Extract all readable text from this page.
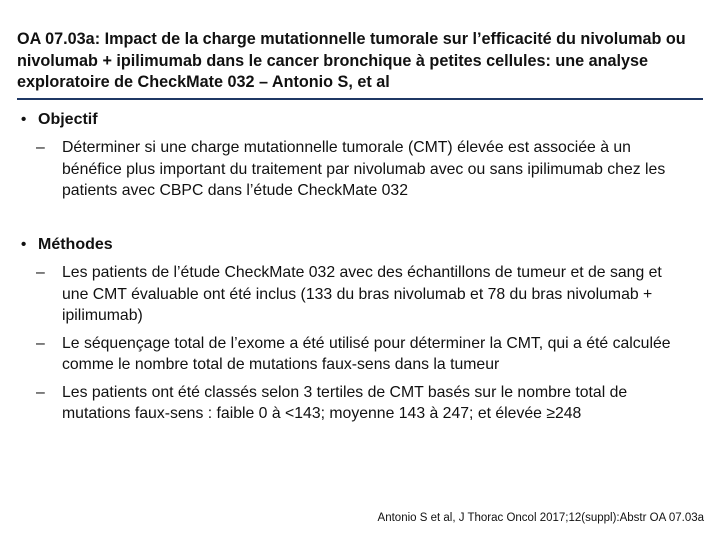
OA 07.03a: Impact de la charge mutationnelle tumorale sur l’efficacité du nivolumab ou nivolumab + ipilimumab dans le cancer bronchique à petites cellules: une analyse exploratoire de CheckMate 032 – Antonio S, et al
• Objectif
–	Déterminer si une charge mutationnelle tumorale (CMT) élevée est associée à un bénéfice plus important du traitement par nivolumab avec ou sans ipilimumab chez les patients avec CBPC dans l’étude CheckMate 032
• Méthodes
–	Les patients de l’étude CheckMate 032 avec des échantillons de tumeur et de sang et une CMT évaluable ont été inclus (133 du bras nivolumab et 78 du bras nivolumab + ipilimumab)
–	Le séquençage total de l’exome a été utilisé pour déterminer la CMT, qui a été calculée comme le nombre total de mutations faux-sens dans la tumeur
–	Les patients ont été classés selon 3 tertiles de CMT basés sur le nombre total de mutations faux-sens : faible 0 à <143; moyenne 143 à 247; et élevée ≥248
Antonio S et al, J Thorac Oncol 2017;12(suppl):Abstr OA 07.03a
